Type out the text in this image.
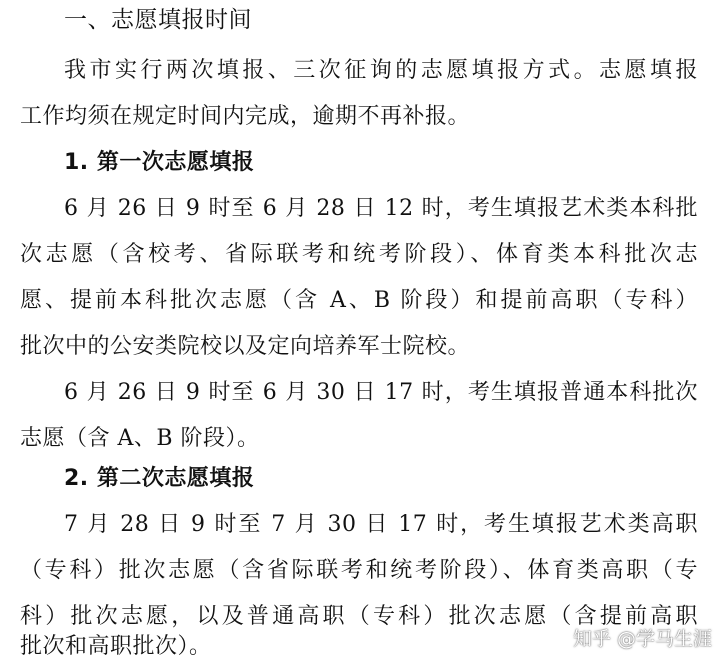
一、志愿填报时间
我市实行两次填报、三次征询的志愿填报方式。志愿填报
工作均须在规定时间内完成，逾期不再补报。
1. 第一次志愿填报
6 月 26 日 9 时至 6 月 28 日 12 时，考生填报艺术类本科批
次志愿（含校考、省际联考和统考阶段）、体育类本科批次志
愿、提前本科批次志愿（含 A、B 阶段）和提前高职（专科）
批次中的公安类院校以及定向培养军士院校。
6 月 26 日 9 时至 6 月 30 日 17 时，考生填报普通本科批次
志愿（含 A、B 阶段）。
2. 第二次志愿填报
7 月 28 日 9 时至 7 月 30 日 17 时，考生填报艺术类高职
（专科）批次志愿（含省际联考和统考阶段）、体育类高职（专
科）批次志愿，以及普通高职（专科）批次志愿（含提前高职
批次和高职批次）。	知乎 @学马生涯
